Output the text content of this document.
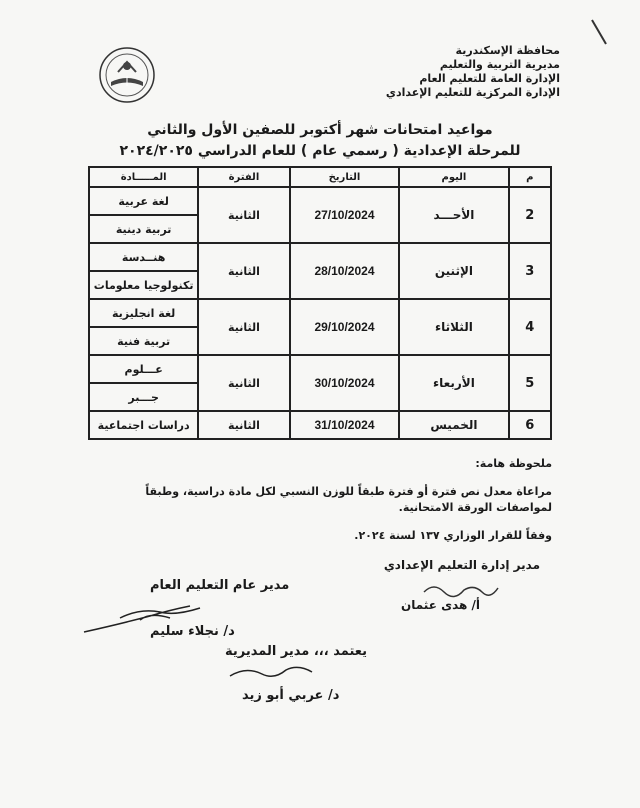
محافظة الإسكندرية
مديرية التربية والتعليم
الإدارة العامة للتعليم العام
الإدارة المركزية للتعليم الإعدادي
مواعيد امتحانات شهر أكتوبر للصفين الأول والثاني
للمرحلة الإعدادية ( رسمي عام ) للعام الدراسي ٢٠٢٤/٢٠٢٥
م	اليوم	التاريخ	الفترة	المـــــادة
2	الأحـــد	27/10/2024	الثانية	لغة عربية
				تربية دينية
3	الإثنين	28/10/2024	الثانية	هنــدسة
				تكنولوجيا معلومات
4	الثلاثاء	29/10/2024	الثانية	لغة انجليزية
				تربية فنية
5	الأربعاء	30/10/2024	الثانية	عـــلوم
				جـــبر
6	الخميس	31/10/2024	الثانية	دراسات اجتماعية
ملحوظة هامة:
مراعاة معدل نص فترة أو فترة طبقاً للوزن النسبي لكل مادة دراسية، وطبقاً لمواصفات الورقة الامتحانية.
وفقاً للقرار الوزاري ١٣٧ لسنة ٢٠٢٤.
مدير إدارة التعليم الإعدادي
أ/ هدى عثمان
مدير عام التعليم العام
د/ نجلاء سليم
يعتمد ،،، مدير المديرية
د/ عربي أبو زيد
